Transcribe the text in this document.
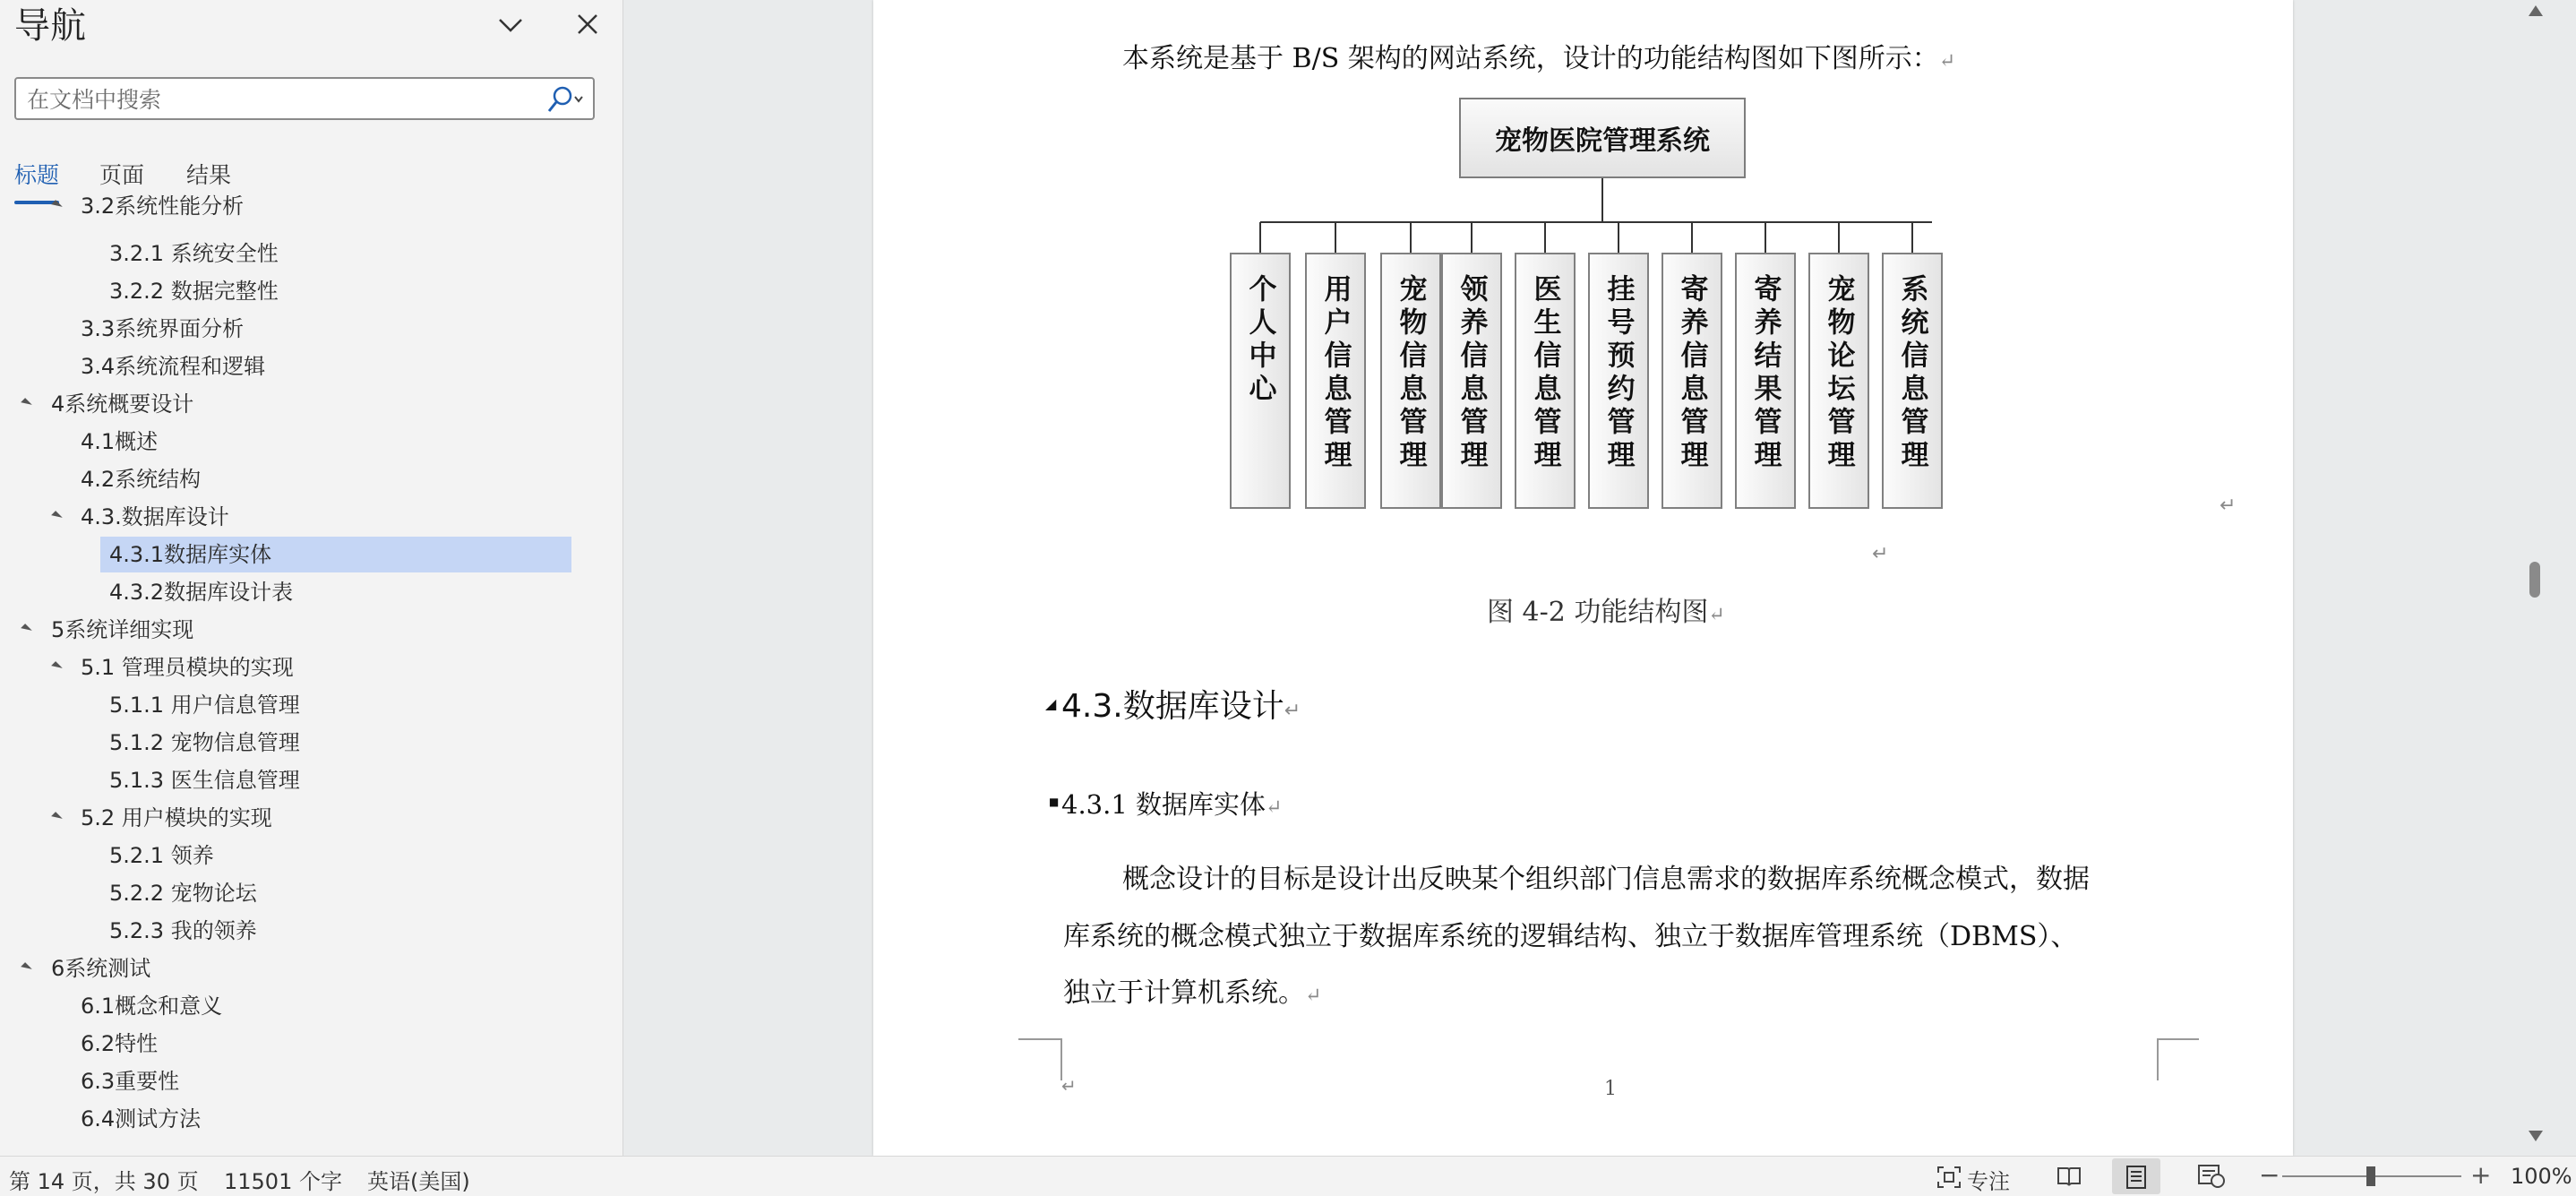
导航
在文档中搜索
标题 页面 结果
3.2系统性能分析
3.2.1 系统安全性
3.2.2 数据完整性
3.3系统界面分析
3.4系统流程和逻辑
4系统概要设计
4.1概述
4.2系统结构
4.3.数据库设计
4.3.1数据库实体
4.3.2数据库设计表
5系统详细实现
5.1 管理员模块的实现
5.1.1 用户信息管理
5.1.2 宠物信息管理
5.1.3 医生信息管理
5.2 用户模块的实现
5.2.1 领养
5.2.2 宠物论坛
5.2.3 我的领养
6系统测试
6.1概念和意义
6.2特性
6.3重要性
6.4测试方法
本系统是基于 B/S 架构的网站系统，设计的功能结构图如下图所示：↵
宠物医院管理系统
个人中心	用户信息管理	宠物信息管理	领养信息管理	医生信息管理	挂号预约管理	寄养信息管理	寄养结果管理	宠物论坛管理	系统信息管理
↵
↵
图 4-2 功能结构图↵
◢ 4.3.数据库设计↵
■ 4.3.1 数据库实体↵
概念设计的目标是设计出反映某个组织部门信息需求的数据库系统概念模式，数据
库系统的概念模式独立于数据库系统的逻辑结构、独立于数据库管理系统（DBMS）、
独立于计算机系统。↵
↵	1
第 14 页，共 30 页 11501 个字 英语(美国)	专注	−	+ 100%
